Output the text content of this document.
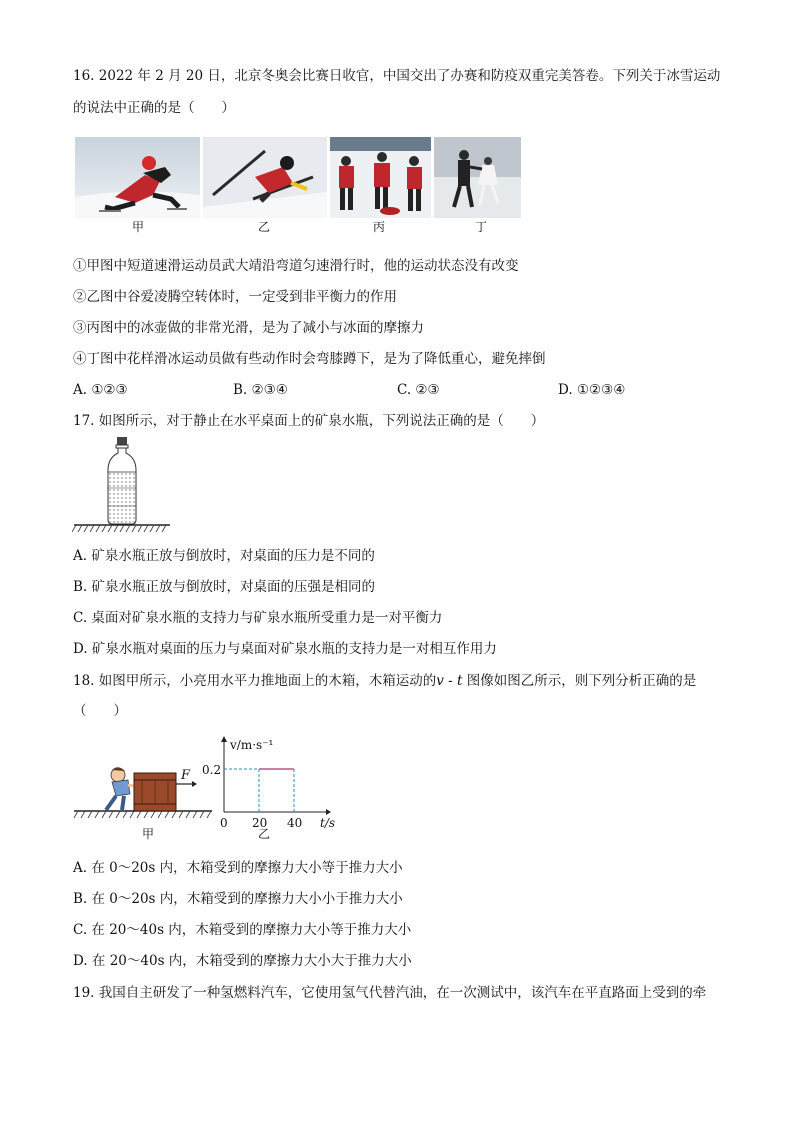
16. 2022 年 2 月 20 日，北京冬奥会比赛日收官，中国交出了办赛和防疫双重完美答卷。下列关于冰雪运动
的说法中正确的是（　　）
甲	乙	丙	丁
①甲图中短道速滑运动员武大靖沿弯道匀速滑行时，他的运动状态没有改变
②乙图中谷爱凌腾空转体时，一定受到非平衡力的作用
③丙图中的冰壶做的非常光滑，是为了减小与冰面的摩擦力
④丁图中花样滑冰运动员做有些动作时会弯膝蹲下，是为了降低重心，避免摔倒
A. ①②③	B. ②③④	C. ②③	D. ①②③④
17. 如图所示，对于静止在水平桌面上的矿泉水瓶，下列说法正确的是（　　）
A. 矿泉水瓶正放与倒放时，对桌面的压力是不同的
B. 矿泉水瓶正放与倒放时，对桌面的压强是相同的
C. 桌面对矿泉水瓶的支持力与矿泉水瓶所受重力是一对平衡力
D. 矿泉水瓶对桌面的压力与桌面对矿泉水瓶的支持力是一对相互作用力
18. 如图甲所示，小亮用水平力推地面上的木箱，木箱运动的v - t 图像如图乙所示，则下列分析正确的是
（　　）
F
甲
v/m·s⁻¹
0.2
0 20 40 t/s
乙
A. 在 0～20s 内，木箱受到的摩擦力大小等于推力大小
B. 在 0～20s 内，木箱受到的摩擦力大小小于推力大小
C. 在 20～40s 内，木箱受到的摩擦力大小等于推力大小
D. 在 20～40s 内，木箱受到的摩擦力大小大于推力大小
19. 我国自主研发了一种氢燃料汽车，它使用氢气代替汽油，在一次测试中，该汽车在平直路面上受到的牵
